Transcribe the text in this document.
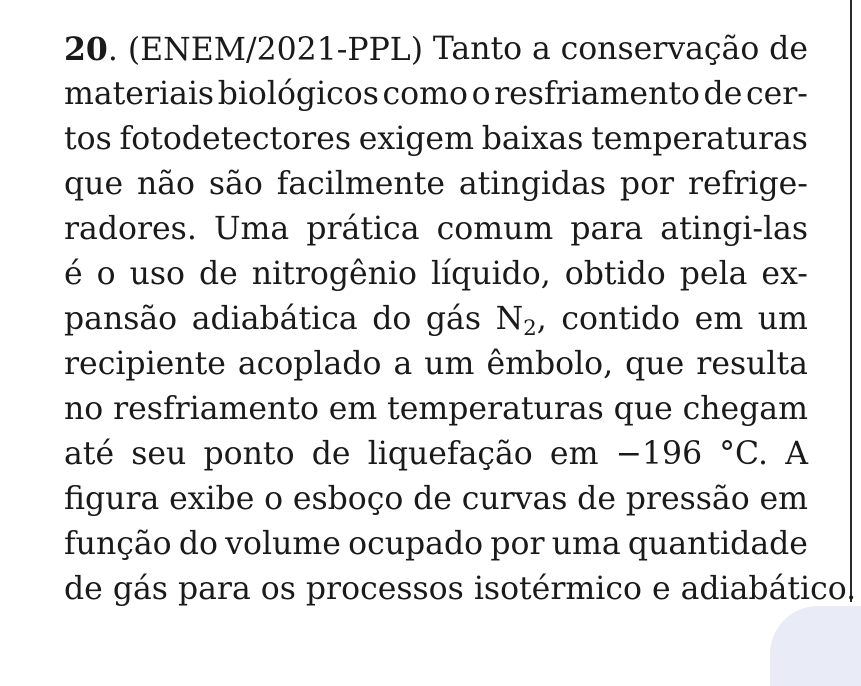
20. (ENEM/2021-PPL) Tanto a conservação de
materiais biológicos como o resfriamento de cer-
tos fotodetectores exigem baixas temperaturas
que não são facilmente atingidas por refrige-
radores. Uma prática comum para atingi-las
é o uso de nitrogênio líquido, obtido pela ex-
pansão adiabática do gás $N_2$, contido em um
recipiente acoplado a um êmbolo, que resulta
no resfriamento em temperaturas que chegam
até seu ponto de liquefação em −196 °C. A
figura exibe o esboço de curvas de pressão em
função do volume ocupado por uma quantidade
de gás para os processos isotérmico e adiabático.
